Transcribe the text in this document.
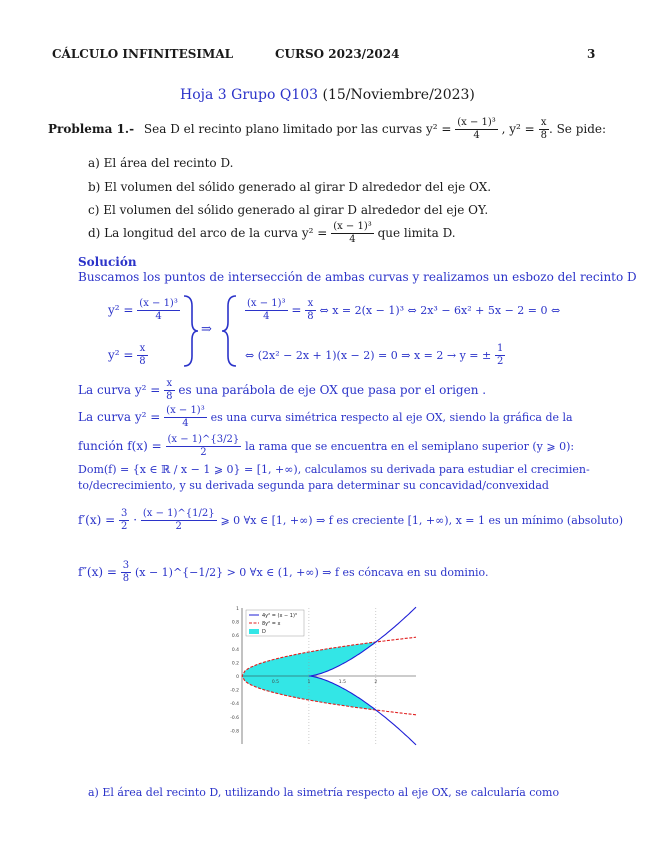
CÁLCULO INFINITESIMAL	CURSO 2023/2024	3
Hoja 3 Grupo Q103 (15/Noviembre/2023)
Problema 1.- Sea D el recinto plano limitado por las curvas $y^2 = \frac{\text{(x − 1)³}}{4}$ , $y^2 = \frac{x}{8}$ . Se pide:
a) El área del recinto D.
b) El volumen del sólido generado al girar D alrededor del eje OX.
c) El volumen del sólido generado al girar D alrededor del eje OY.
d) La longitud del arco de la curva $y^2 = \frac{\text{(x − 1)³}}{4}$ que limita D.
Solución
Buscamos los puntos de intersección de ambas curvas y realizamos un esbozo del recinto D
$y^2 = \frac{\text{(x − 1)³}}{4}$
$y^2 = \frac{x}{8}$
⇒
$\frac{\text{(x − 1)³}}{4} = \frac{x}{8}$ ⇔ x = 2(x − 1)³ ⇔ 2x³ − 6x² + 5x − 2 = 0 ⇔
⇔ (2x² − 2x + 1)(x − 2) = 0 ⇒ x = 2 → y = ± $\frac{1}{2}$
La curva $y^2 = \frac{x}{8}$ es una parábola de eje OX que pasa por el origen .
La curva $y^2 = \frac{\text{(x − 1)³}}{4}$ es una curva simétrica respecto al eje OX, siendo la gráfica de la
función $f(x) = \frac{(x - 1)\^{}\{3/2\}}{2}$ la rama que se encuentra en el semiplano superior (y ⩾ 0):
Dom(f) = {x ∈ ℝ / x − 1 ⩾ 0} = [1, +∞), calculamos su derivada para estudiar el crecimien-
to/decrecimiento, y su derivada segunda para determinar su concavidad/convexidad
$f'(x) = \frac{3}{2} \cdot \frac{(x - 1)\^{}\{1/2\}}{2}$ ⩾ 0 ∀x ∈ [1, +∞) ⇒ f es creciente [1, +∞), x = 1 es un mínimo (absoluto)
$f''(x) = \frac{3}{8} (x$ − 1)^{−1/2} > 0 ∀x ∈ (1, +∞) ⇒ f es cóncava en su dominio.
1
0.8
0.6
0.4
0.2
0
-0.2
-0.4
-0.6
-0.8
0.5	1	1.5	2
4y² = (x − 1)³
8y² = x
D
a) El área del recinto D, utilizando la simetría respecto al eje OX, se calcularía como
